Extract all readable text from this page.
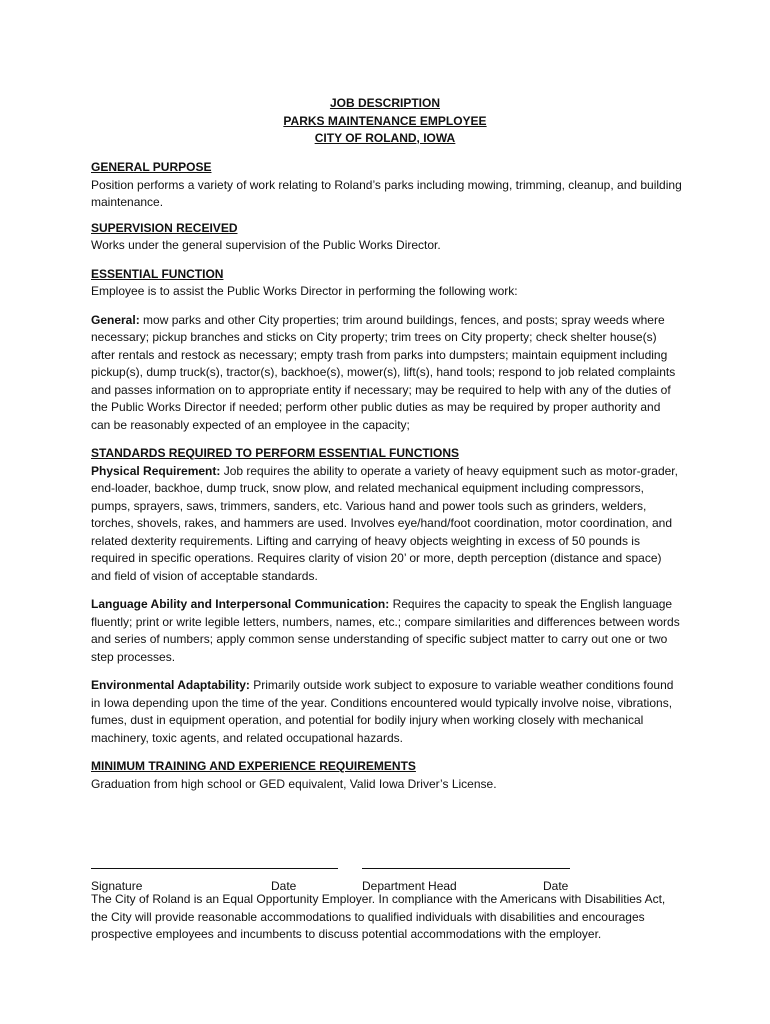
JOB DESCRIPTION
PARKS MAINTENANCE EMPLOYEE
CITY OF ROLAND, IOWA

GENERAL PURPOSE

Position performs a variety of work relating to Roland’s parks including mowing, trimming, cleanup, and building maintenance.

SUPERVISION RECEIVED

Works under the general supervision of the Public Works Director.

ESSENTIAL FUNCTION

Employee is to assist the Public Works Director in performing the following work:

General: mow parks and other City properties; trim around buildings, fences, and posts; spray weeds where necessary; pickup branches and sticks on City property; trim trees on City property; check shelter house(s) after rentals and restock as necessary; empty trash from parks into dumpsters; maintain equipment including pickup(s), dump truck(s), tractor(s), backhoe(s), mower(s), lift(s), hand tools; respond to job related complaints and passes information on to appropriate entity if necessary; may be required to help with any of the duties of the Public Works Director if needed; perform other public duties as may be required by proper authority and can be reasonably expected of an employee in the capacity;

STANDARDS REQUIRED TO PERFORM ESSENTIAL FUNCTIONS

Physical Requirement: Job requires the ability to operate a variety of heavy equipment such as motor-grader, end-loader, backhoe, dump truck, snow plow, and related mechanical equipment including compressors, pumps, sprayers, saws, trimmers, sanders, etc. Various hand and power tools such as grinders, welders, torches, shovels, rakes, and hammers are used. Involves eye/hand/foot coordination, motor coordination, and related dexterity requirements. Lifting and carrying of heavy objects weighting in excess of 50 pounds is required in specific operations. Requires clarity of vision 20’ or more, depth perception (distance and space) and field of vision of acceptable standards.

Language Ability and Interpersonal Communication: Requires the capacity to speak the English language fluently; print or write legible letters, numbers, names, etc.; compare similarities and differences between words and series of numbers; apply common sense understanding of specific subject matter to carry out one or two step processes.

Environmental Adaptability: Primarily outside work subject to exposure to variable weather conditions found in Iowa depending upon the time of the year. Conditions encountered would typically involve noise, vibrations, fumes, dust in equipment operation, and potential for bodily injury when working closely with mechanical machinery, toxic agents, and related occupational hazards.

MINIMUM TRAINING AND EXPERIENCE REQUIREMENTS

Graduation from high school or GED equivalent, Valid Iowa Driver’s License.

Signature	Date	Department Head	Date
The City of Roland is an Equal Opportunity Employer. In compliance with the Americans with Disabilities Act, the City will provide reasonable accommodations to qualified individuals with disabilities and encourages prospective employees and incumbents to discuss potential accommodations with the employer.
